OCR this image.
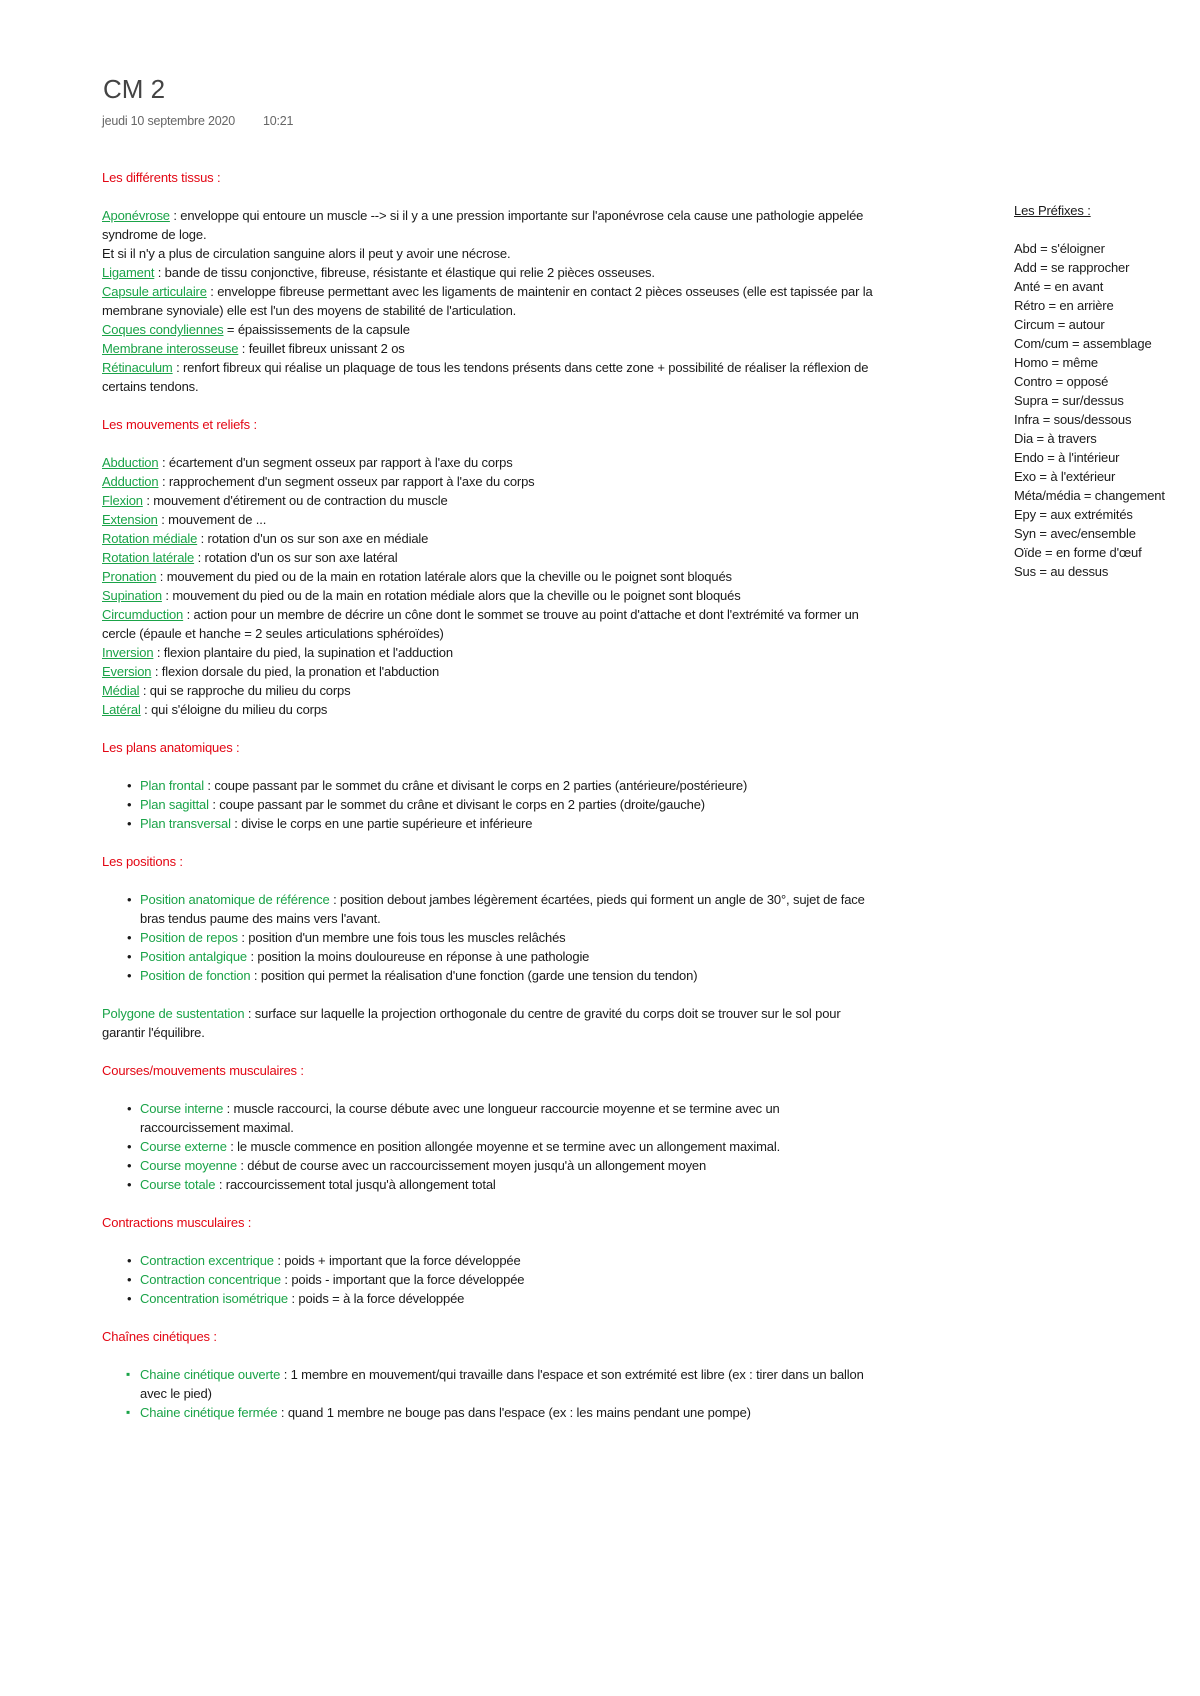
CM 2
jeudi 10 septembre 2020 10:21
Les différents tissus :

Aponévrose : enveloppe qui entoure un muscle --> si il y a une pression importante sur l'aponévrose cela cause une pathologie appelée syndrome de loge.

Et si il n'y a plus de circulation sanguine alors il peut y avoir une nécrose.

Ligament : bande de tissu conjonctive, fibreuse, résistante et élastique qui relie 2 pièces osseuses.

Capsule articulaire : enveloppe fibreuse permettant avec les ligaments de maintenir en contact 2 pièces osseuses (elle est tapissée par la membrane synoviale) elle est l'un des moyens de stabilité de l'articulation.

Coques condyliennes = épaississements de la capsule

Membrane interosseuse : feuillet fibreux unissant 2 os

Rétinaculum : renfort fibreux qui réalise un plaquage de tous les tendons présents dans cette zone + possibilité de réaliser la réflexion de certains tendons.

Les mouvements et reliefs :

Abduction : écartement d'un segment osseux par rapport à l'axe du corps

Adduction : rapprochement d'un segment osseux par rapport à l'axe du corps

Flexion : mouvement d'étirement ou de contraction du muscle

Extension : mouvement de ...

Rotation médiale : rotation d'un os sur son axe en médiale

Rotation latérale : rotation d'un os sur son axe latéral

Pronation : mouvement du pied ou de la main en rotation latérale alors que la cheville ou le poignet sont bloqués

Supination : mouvement du pied ou de la main en rotation médiale alors que la cheville ou le poignet sont bloqués

Circumduction : action pour un membre de décrire un cône dont le sommet se trouve au point d'attache et dont l'extrémité va former un cercle (épaule et hanche = 2 seules articulations sphéroïdes)

Inversion : flexion plantaire du pied, la supination et l'adduction

Eversion : flexion dorsale du pied, la pronation et l'abduction

Médial : qui se rapproche du milieu du corps

Latéral : qui s'éloigne du milieu du corps

Les plans anatomiques :
• Plan frontal : coupe passant par le sommet du crâne et divisant le corps en 2 parties (antérieure/postérieure)
• Plan sagittal : coupe passant par le sommet du crâne et divisant le corps en 2 parties (droite/gauche)
• Plan transversal : divise le corps en une partie supérieure et inférieure
Les positions :
• Position anatomique de référence : position debout jambes légèrement écartées, pieds qui forment un angle de 30°, sujet de face bras tendus paume des mains vers l'avant.
• Position de repos : position d'un membre une fois tous les muscles relâchés
• Position antalgique : position la moins douloureuse en réponse à une pathologie
• Position de fonction : position qui permet la réalisation d'une fonction (garde une tension du tendon)

Polygone de sustentation : surface sur laquelle la projection orthogonale du centre de gravité du corps doit se trouver sur le sol pour garantir l'équilibre.

Courses/mouvements musculaires :
• Course interne : muscle raccourci, la course débute avec une longueur raccourcie moyenne et se termine avec un raccourcissement maximal.
• Course externe : le muscle commence en position allongée moyenne et se termine avec un allongement maximal.
• Course moyenne : début de course avec un raccourcissement moyen jusqu'à un allongement moyen
• Course totale : raccourcissement total jusqu'à allongement total
Contractions musculaires :
• Contraction excentrique : poids + important que la force développée
• Contraction concentrique : poids - important que la force développée
• Concentration isométrique : poids = à la force développée
Chaînes cinétiques :
▪ Chaine cinétique ouverte : 1 membre en mouvement/qui travaille dans l'espace et son extrémité est libre (ex : tirer dans un ballon avec le pied)
▪ Chaine cinétique fermée : quand 1 membre ne bouge pas dans l'espace (ex : les mains pendant une pompe)
Les Préfixes :
Abd = s'éloigner
Add = se rapprocher
Anté = en avant
Rétro = en arrière
Circum = autour
Com/cum = assemblage
Homo = même
Contro = opposé
Supra = sur/dessus
Infra = sous/dessous
Dia = à travers
Endo = à l'intérieur
Exo = à l'extérieur
Méta/média = changement
Epy = aux extrémités
Syn = avec/ensemble
Oïde = en forme d'œuf
Sus = au dessus
